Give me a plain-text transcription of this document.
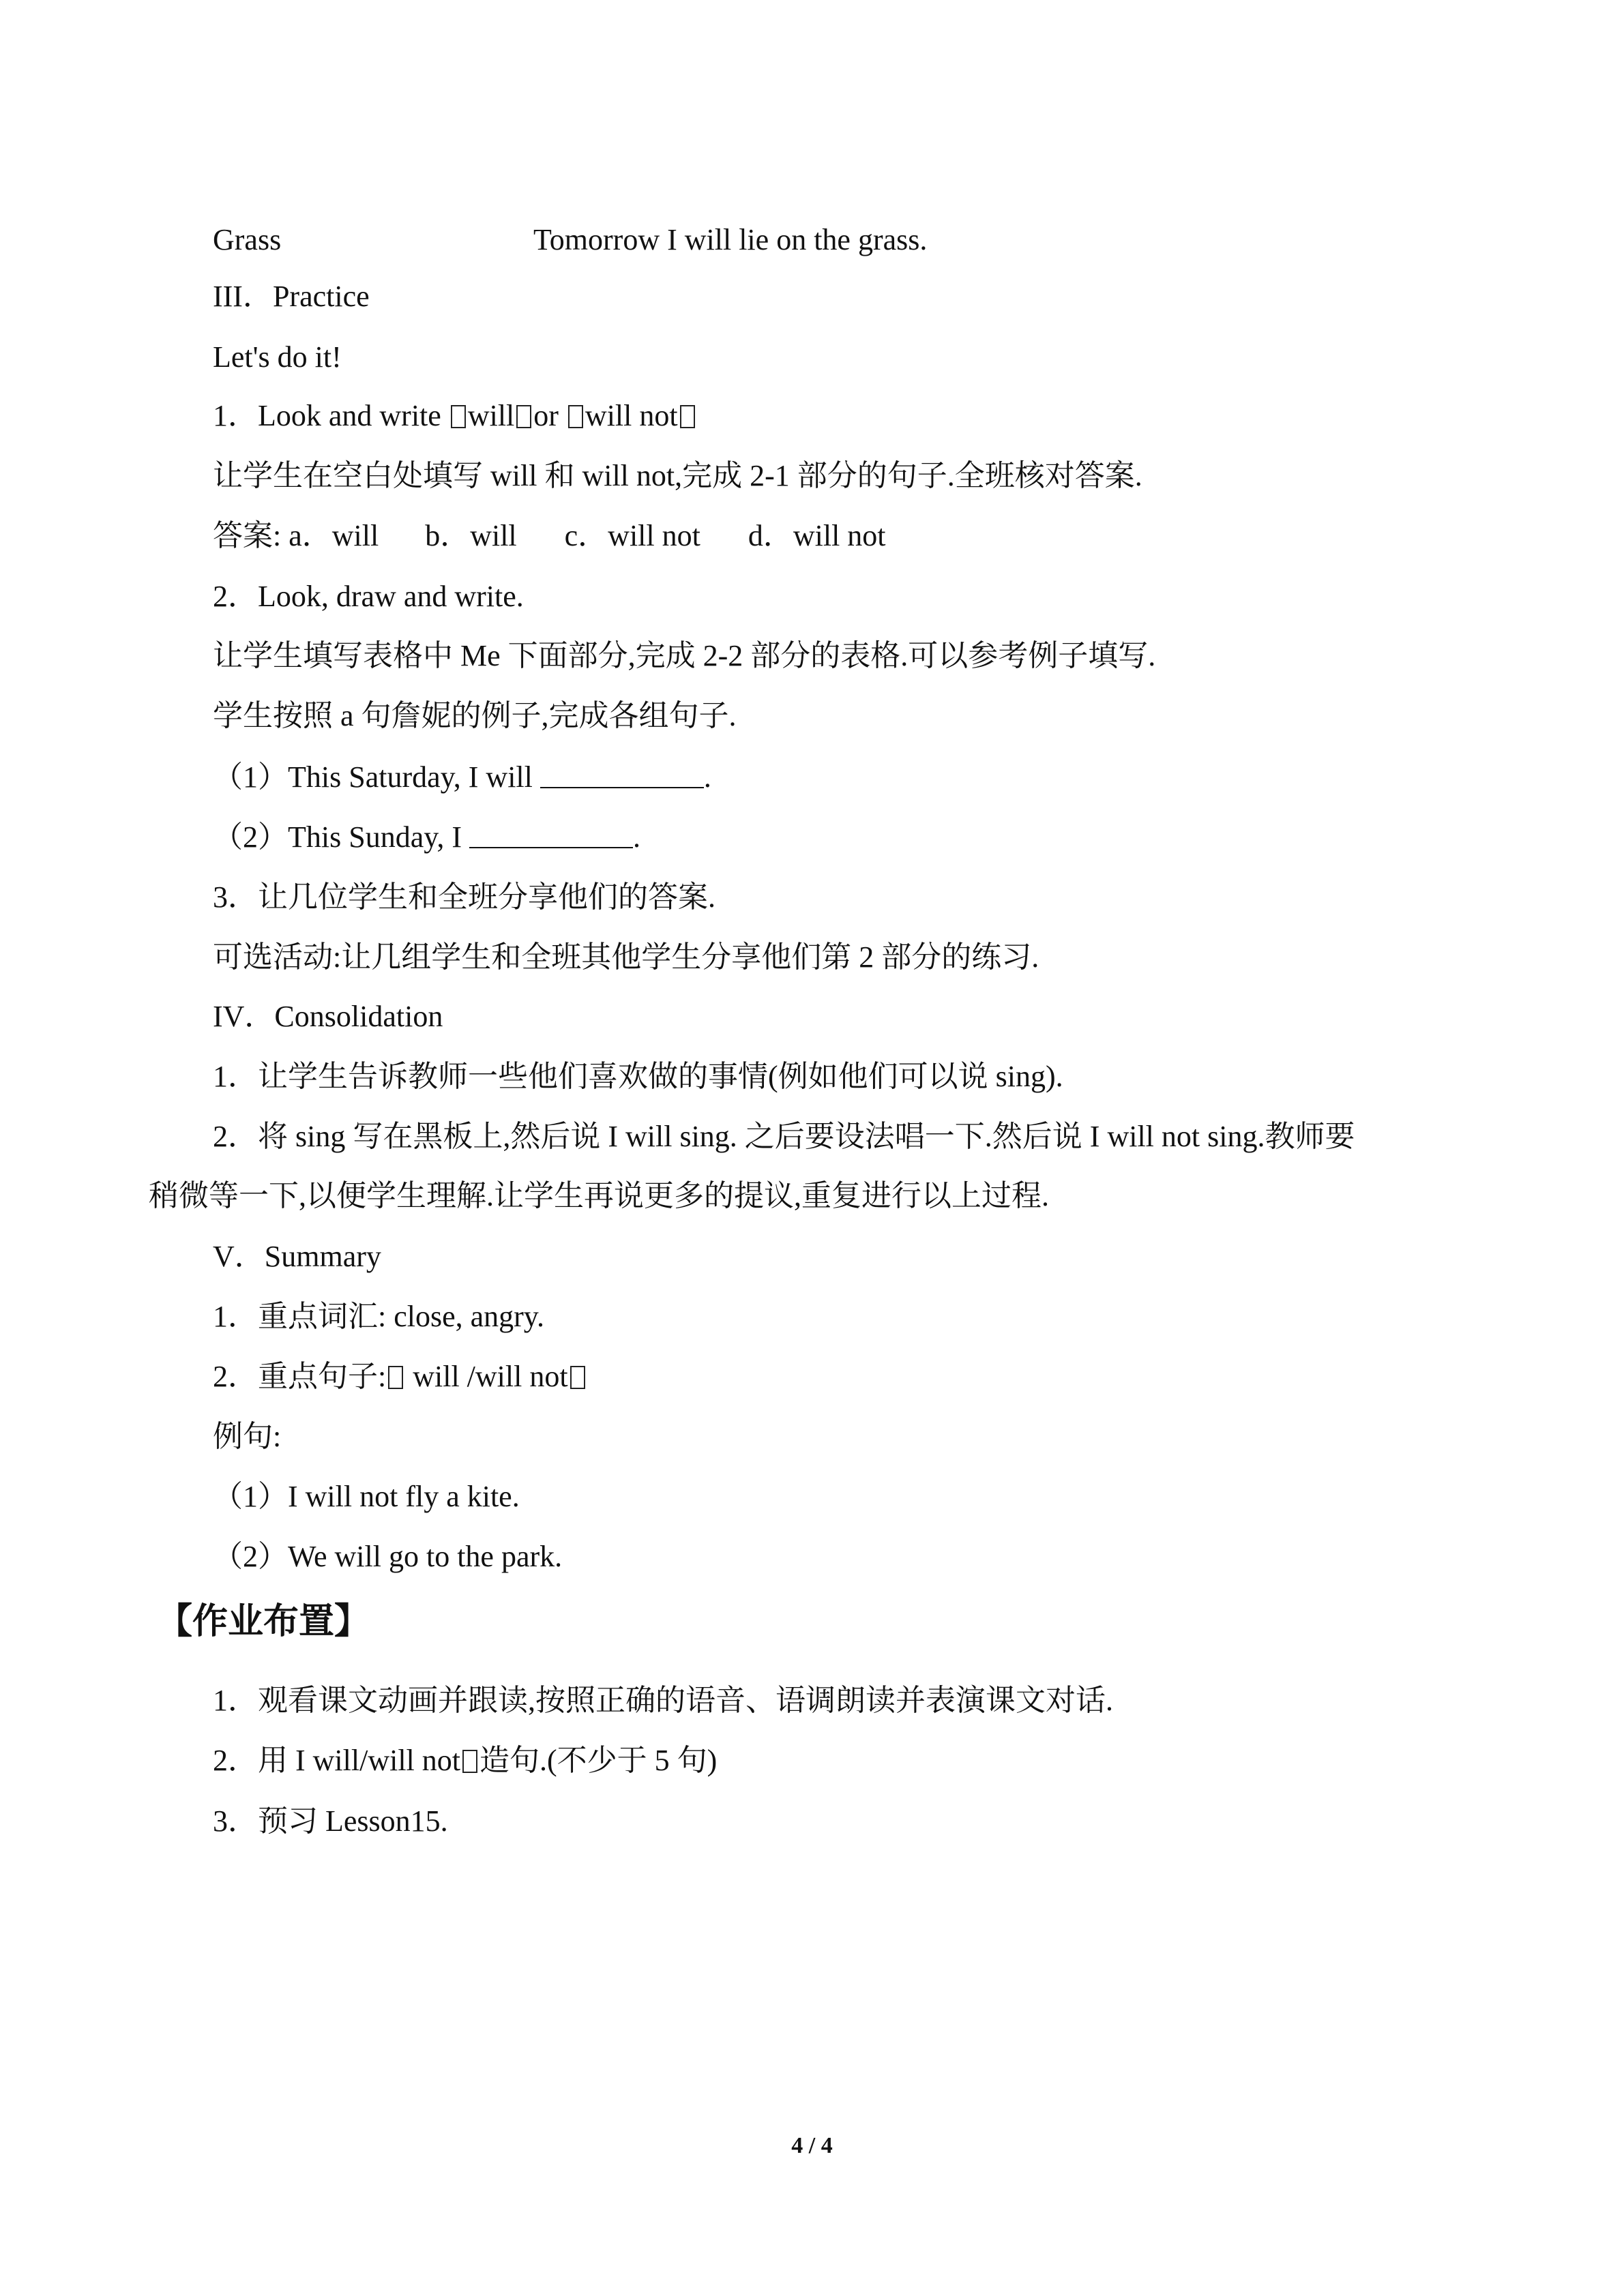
Grass	Tomorrow I will lie on the grass.
III．Practice
Let's do it!
1．Look and write will or will not
让学生在空白处填写 will 和 will not,完成 2-1 部分的句子.全班核对答案.
答案: a．will b．will c．will not d．will not
2．Look, draw and write.
让学生填写表格中 Me 下面部分,完成 2-2 部分的表格.可以参考例子填写.
学生按照 a 句詹妮的例子,完成各组句子.
（1）This Saturday, I will	.
（2）This Sunday, I	.
3．让几位学生和全班分享他们的答案.
可选活动:让几组学生和全班其他学生分享他们第 2 部分的练习.
IV．Consolidation
1．让学生告诉教师一些他们喜欢做的事情(例如他们可以说 sing).
2．将 sing 写在黑板上,然后说 I will sing. 之后要设法唱一下.然后说 I will not sing.教师要
稍微等一下,以便学生理解.让学生再说更多的提议,重复进行以上过程.
V．Summary
1．重点词汇: close, angry.
2．重点句子: will /will not
例句:
（1）I will not fly a kite.
（2）We will go to the park.
【作业布置】
1．观看课文动画并跟读,按照正确的语音、语调朗读并表演课文对话.
2．用 I will/will not 造句.(不少于 5 句)
3．预习 Lesson15.
4 / 4
